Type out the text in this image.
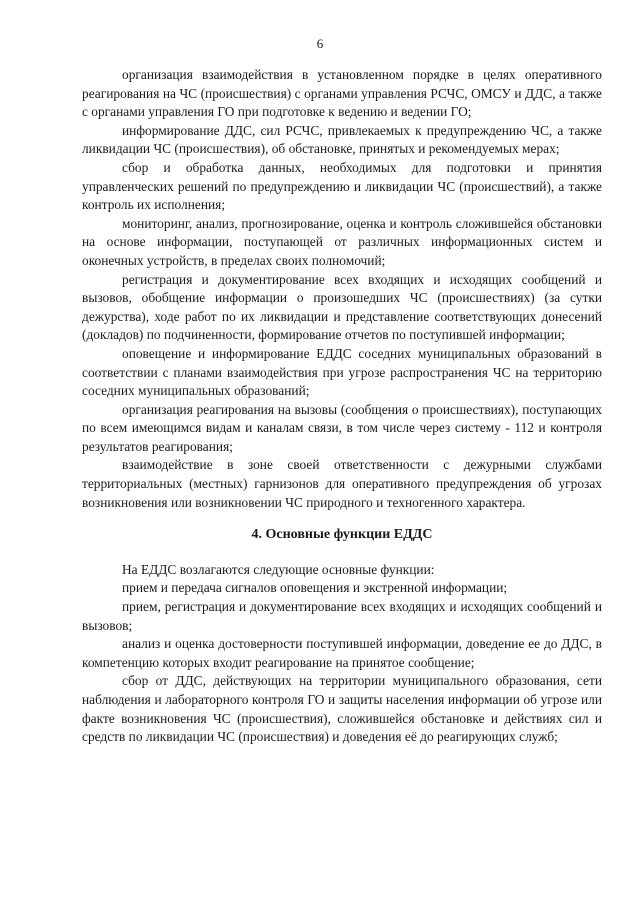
6

организация взаимодействия в установленном порядке в целях оперативного реагирования на ЧС (происшествия) с органами управления РСЧС, ОМСУ и ДДС, а также с органами управления ГО при подготовке к ведению и ведении ГО;

информирование ДДС, сил РСЧС, привлекаемых к предупреждению ЧС, а также ликвидации ЧС (происшествия), об обстановке, принятых и рекомендуемых мерах;

сбор и обработка данных, необходимых для подготовки и принятия управленческих решений по предупреждению и ликвидации ЧС (происшествий), а также контроль их исполнения;

мониторинг, анализ, прогнозирование, оценка и контроль сложившейся обстановки на основе информации, поступающей от различных информационных систем и оконечных устройств, в пределах своих полномочий;

регистрация и документирование всех входящих и исходящих сообщений и вызовов, обобщение информации о произошедших ЧС (происшествиях) (за сутки дежурства), ходе работ по их ликвидации и представление соответствующих донесений (докладов) по подчиненности, формирование отчетов по поступившей информации;

оповещение и информирование ЕДДС соседних муниципальных образований в соответствии с планами взаимодействия при угрозе распространения ЧС на территорию соседних муниципальных образований;

организация реагирования на вызовы (сообщения о происшествиях), поступающих по всем имеющимся видам и каналам связи, в том числе через систему - 112 и контроля результатов реагирования;

взаимодействие в зоне своей ответственности с дежурными службами территориальных (местных) гарнизонов для оперативного предупреждения об угрозах возникновения или возникновении ЧС природного и техногенного характера.

4. Основные функции ЕДДС

На ЕДДС возлагаются следующие основные функции:

прием и передача сигналов оповещения и экстренной информации;

прием, регистрация и документирование всех входящих и исходящих сообщений и вызовов;

анализ и оценка достоверности поступившей информации, доведение ее до ДДС, в компетенцию которых входит реагирование на принятое сообщение;

сбор от ДДС, действующих на территории муниципального образования, сети наблюдения и лабораторного контроля ГО и защиты населения информации об угрозе или факте возникновения ЧС (происшествия), сложившейся обстановке и действиях сил и средств по ликвидации ЧС (происшествия) и доведения её до реагирующих служб;
